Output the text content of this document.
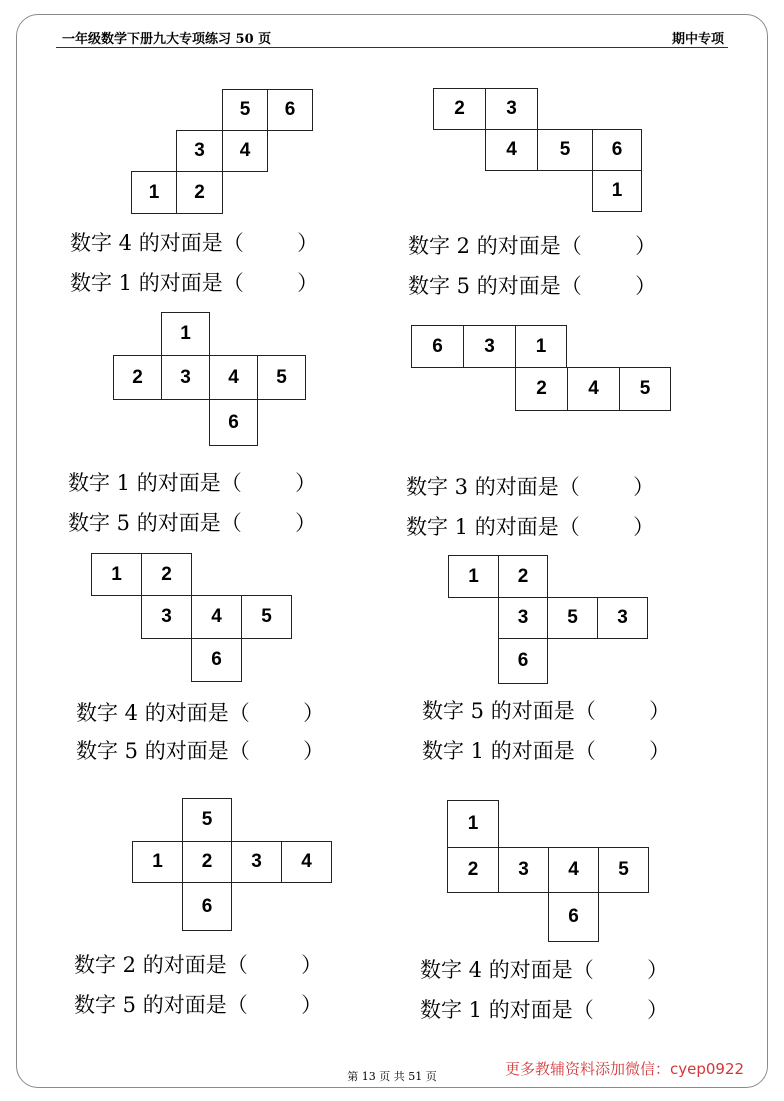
一年级数学下册九大专项练习 50 页	期中专项
5	6
3	4
1	2
数字 4 的对面是（        ）
数字 1 的对面是（        ）
2	3
4	5	6
1
数字 2 的对面是（        ）
数字 5 的对面是（        ）
1
2	3	4	5
6
数字 1 的对面是（        ）
数字 5 的对面是（        ）
6	3	1
2	4	5
数字 3 的对面是（        ）
数字 1 的对面是（        ）
1	2
3	4	5
6
数字 4 的对面是（        ）
数字 5 的对面是（        ）
1	2
3	5	3
6
数字 5 的对面是（        ）
数字 1 的对面是（        ）
5
1	2	3	4
6
数字 2 的对面是（        ）
数字 5 的对面是（        ）
1
2	3	4	5
6
数字 4 的对面是（        ）
数字 1 的对面是（        ）
第 13 页 共 51 页	更多教辅资料添加微信：cyep0922
